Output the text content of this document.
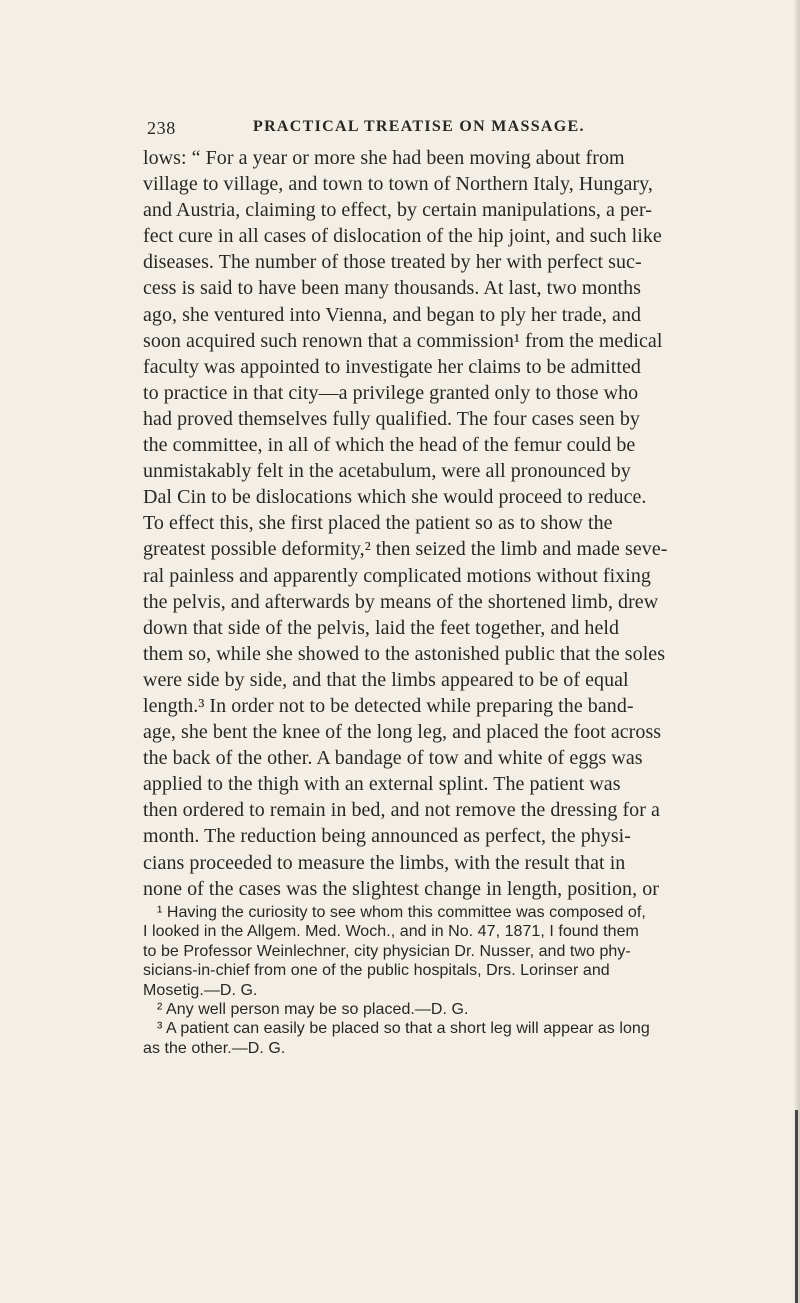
238	PRACTICAL TREATISE ON MASSAGE.
lows: “ For a year or more she had been moving about from
village to village, and town to town of Northern Italy, Hungary,
and Austria, claiming to effect, by certain manipulations, a per-
fect cure in all cases of dislocation of the hip joint, and such like
diseases. The number of those treated by her with perfect suc-
cess is said to have been many thousands. At last, two months
ago, she ventured into Vienna, and began to ply her trade, and
soon acquired such renown that a commission¹ from the medical
faculty was appointed to investigate her claims to be admitted
to practice in that city—a privilege granted only to those who
had proved themselves fully qualified. The four cases seen by
the committee, in all of which the head of the femur could be
unmistakably felt in the acetabulum, were all pronounced by
Dal Cin to be dislocations which she would proceed to reduce.
To effect this, she first placed the patient so as to show the
greatest possible deformity,² then seized the limb and made seve-
ral painless and apparently complicated motions without fixing
the pelvis, and afterwards by means of the shortened limb, drew
down that side of the pelvis, laid the feet together, and held
them so, while she showed to the astonished public that the soles
were side by side, and that the limbs appeared to be of equal
length.³ In order not to be detected while preparing the band-
age, she bent the knee of the long leg, and placed the foot across
the back of the other. A bandage of tow and white of eggs was
applied to the thigh with an external splint. The patient was
then ordered to remain in bed, and not remove the dressing for a
month. The reduction being announced as perfect, the physi-
cians proceeded to measure the limbs, with the result that in
none of the cases was the slightest change in length, position, or
¹ Having the curiosity to see whom this committee was composed of,
I looked in the Allgem. Med. Woch., and in No. 47, 1871, I found them
to be Professor Weinlechner, city physician Dr. Nusser, and two phy-
sicians-in-chief from one of the public hospitals, Drs. Lorinser and
Mosetig.—D. G.
² Any well person may be so placed.—D. G.
³ A patient can easily be placed so that a short leg will appear as long
as the other.—D. G.
